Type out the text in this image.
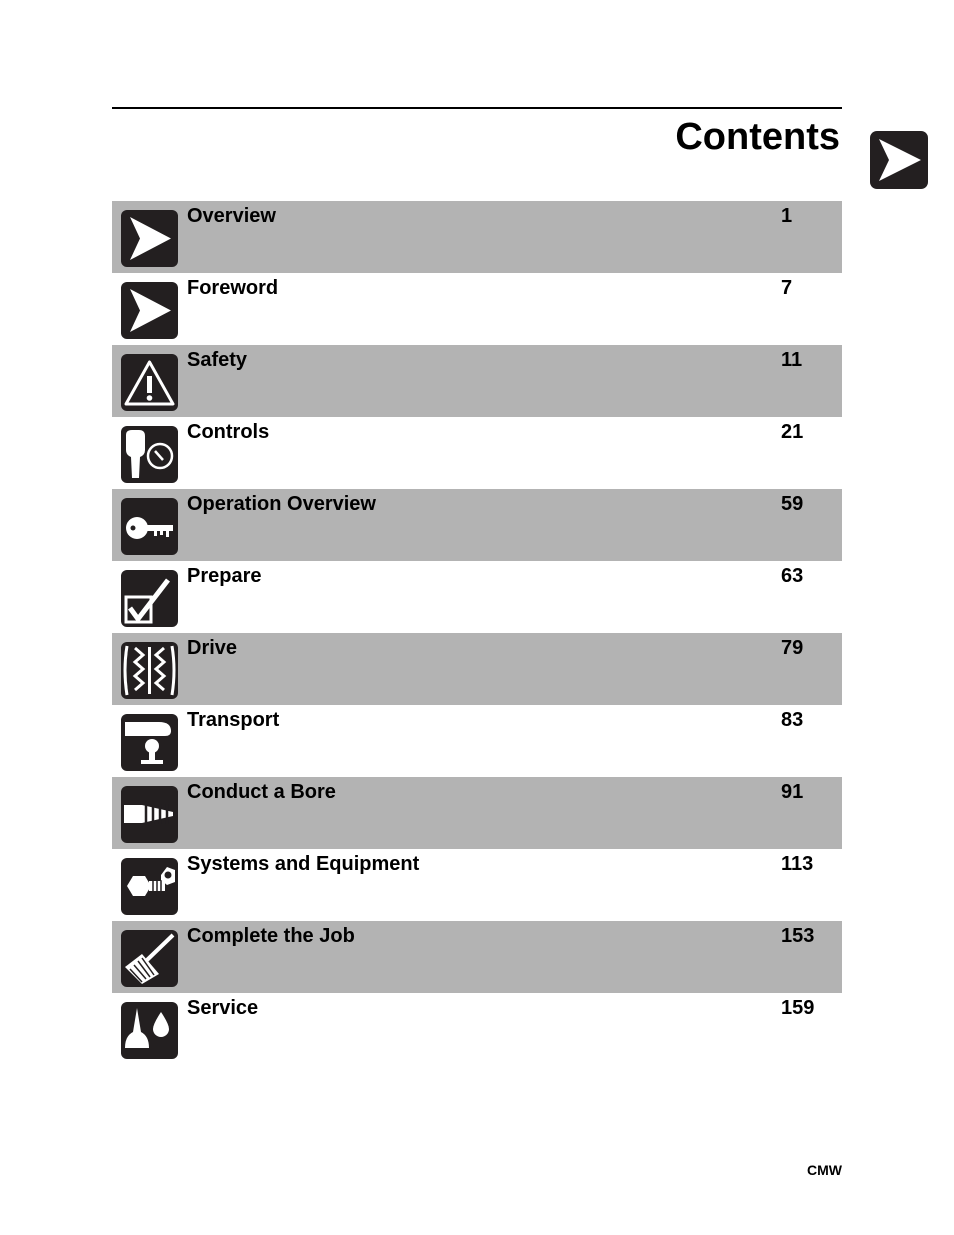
Contents
Overview	1
Foreword	7
Safety	11
Controls	21
Operation Overview	59
Prepare	63
Drive	79
Transport	83
Conduct a Bore	91
Systems and Equipment	113
Complete the Job	153
Service	159
CMW
